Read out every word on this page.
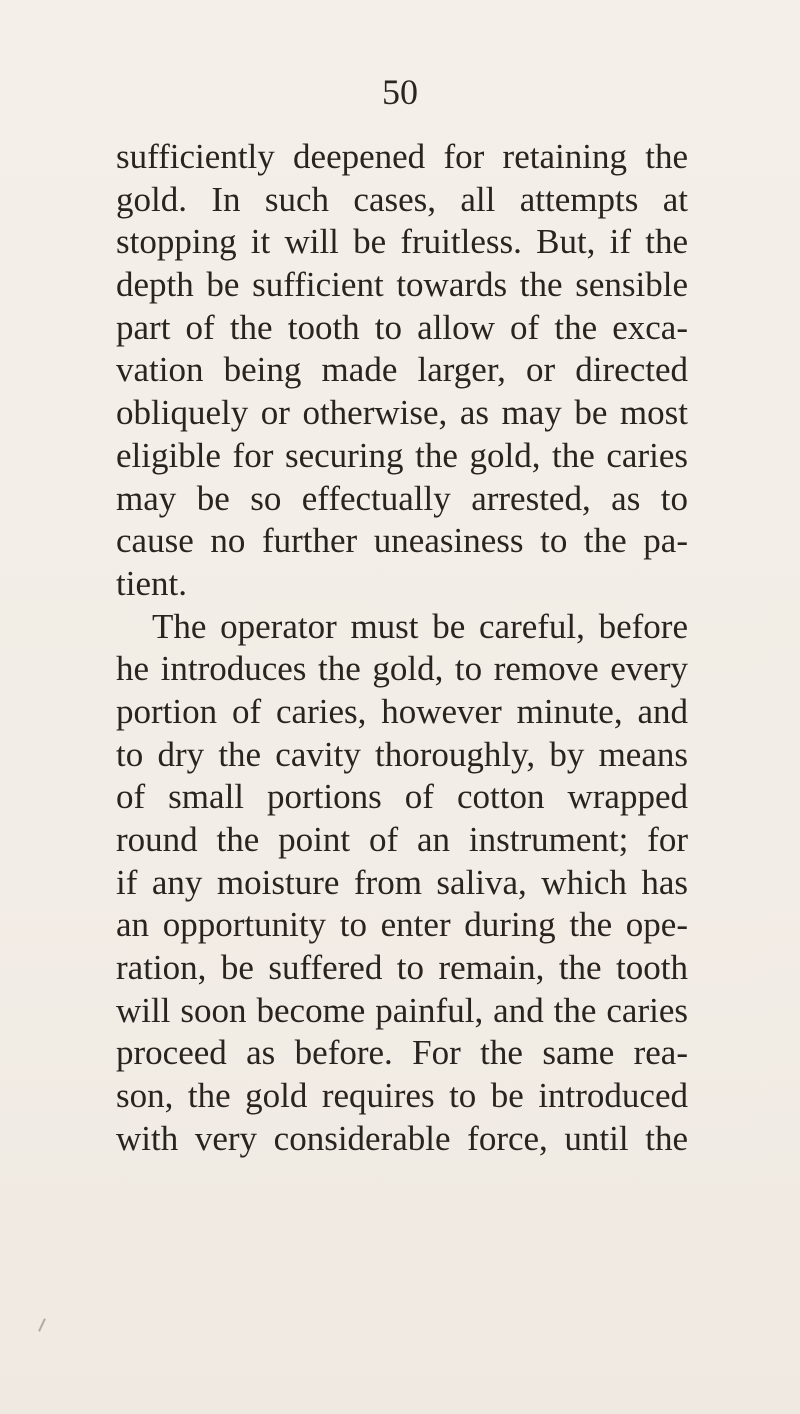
50
sufficiently deepened for retaining the
gold. In such cases, all attempts at
stopping it will be fruitless. But, if the
depth be sufficient towards the sensible
part of the tooth to allow of the exca-
vation being made larger, or directed
obliquely or otherwise, as may be most
eligible for securing the gold, the caries
may be so effectually arrested, as to
cause no further uneasiness to the pa-
tient.
The operator must be careful, before
he introduces the gold, to remove every
portion of caries, however minute, and
to dry the cavity thoroughly, by means
of small portions of cotton wrapped
round the point of an instrument; for
if any moisture from saliva, which has
an opportunity to enter during the ope-
ration, be suffered to remain, the tooth
will soon become painful, and the caries
proceed as before. For the same rea-
son, the gold requires to be introduced
with very considerable force, until the
